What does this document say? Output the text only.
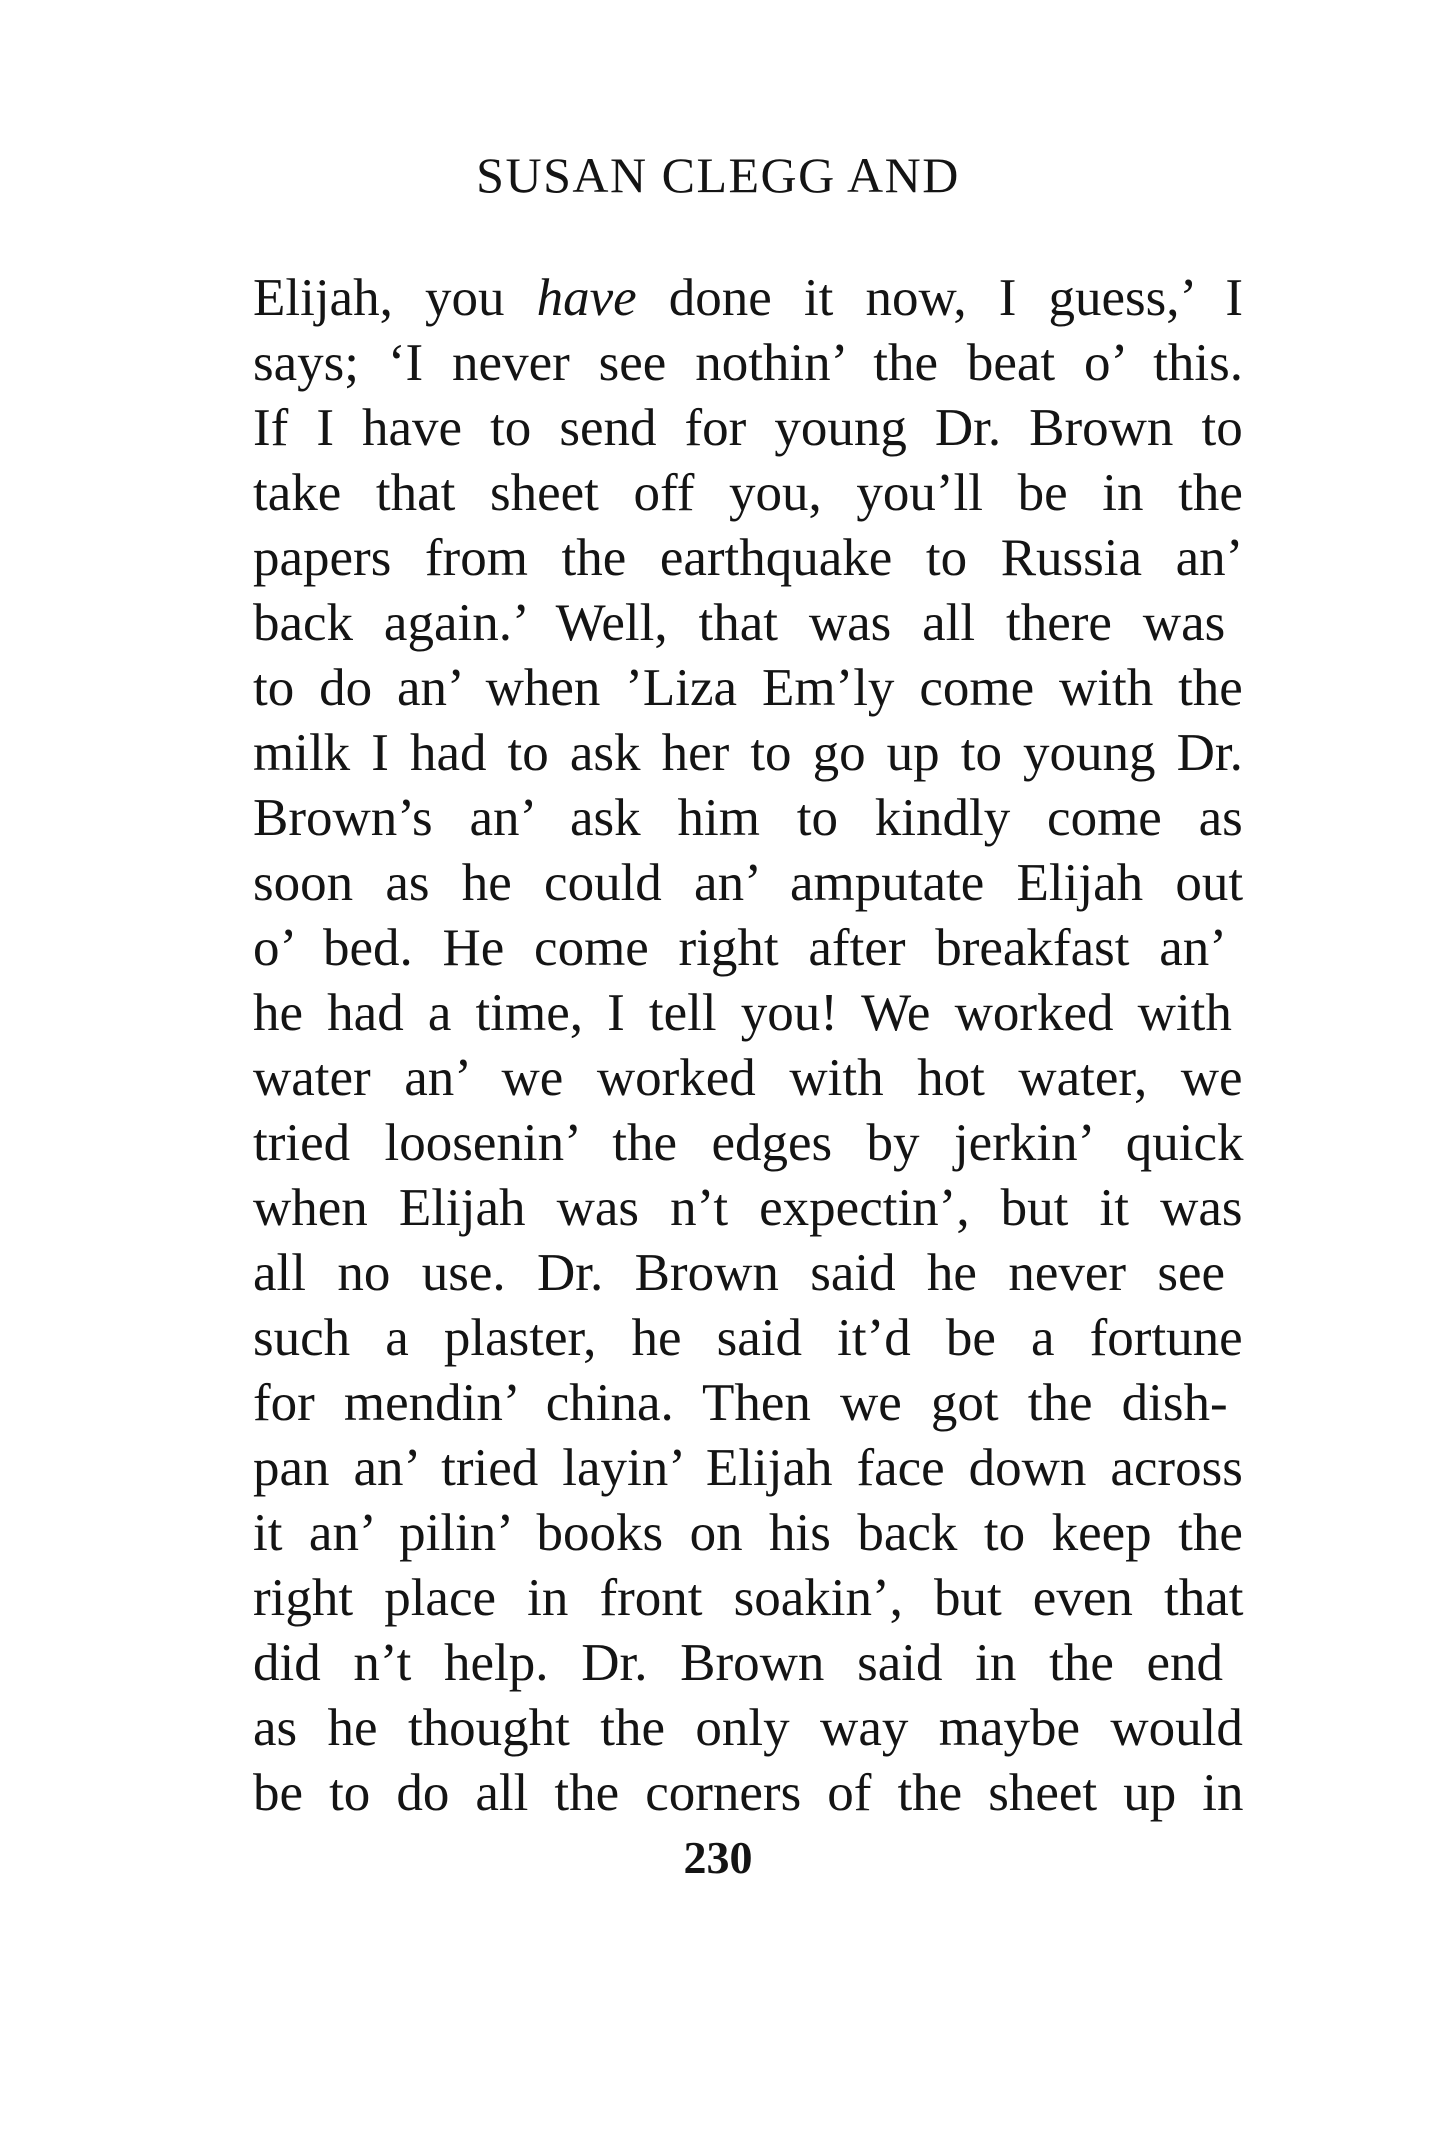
SUSAN CLEGG AND
Elijah, you have done it now, I guess,’ I
says; ‘I never see nothin’ the beat o’ this.
If I have to send for young Dr. Brown to
take that sheet off you, you’ll be in the
papers from the earthquake to Russia an’
back again.’ Well, that was all there was
to do an’ when ’Liza Em’ly come with the
milk I had to ask her to go up to young Dr.
Brown’s an’ ask him to kindly come as
soon as he could an’ amputate Elijah out
o’ bed. He come right after breakfast an’
he had a time, I tell you! We worked with
water an’ we worked with hot water, we
tried loosenin’ the edges by jerkin’ quick
when Elijah was n’t expectin’, but it was
all no use. Dr. Brown said he never see
such a plaster, he said it’d be a fortune
for mendin’ china. Then we got the dish-
pan an’ tried layin’ Elijah face down across
it an’ pilin’ books on his back to keep the
right place in front soakin’, but even that
did n’t help. Dr. Brown said in the end
as he thought the only way maybe would
be to do all the corners of the sheet up in
230
